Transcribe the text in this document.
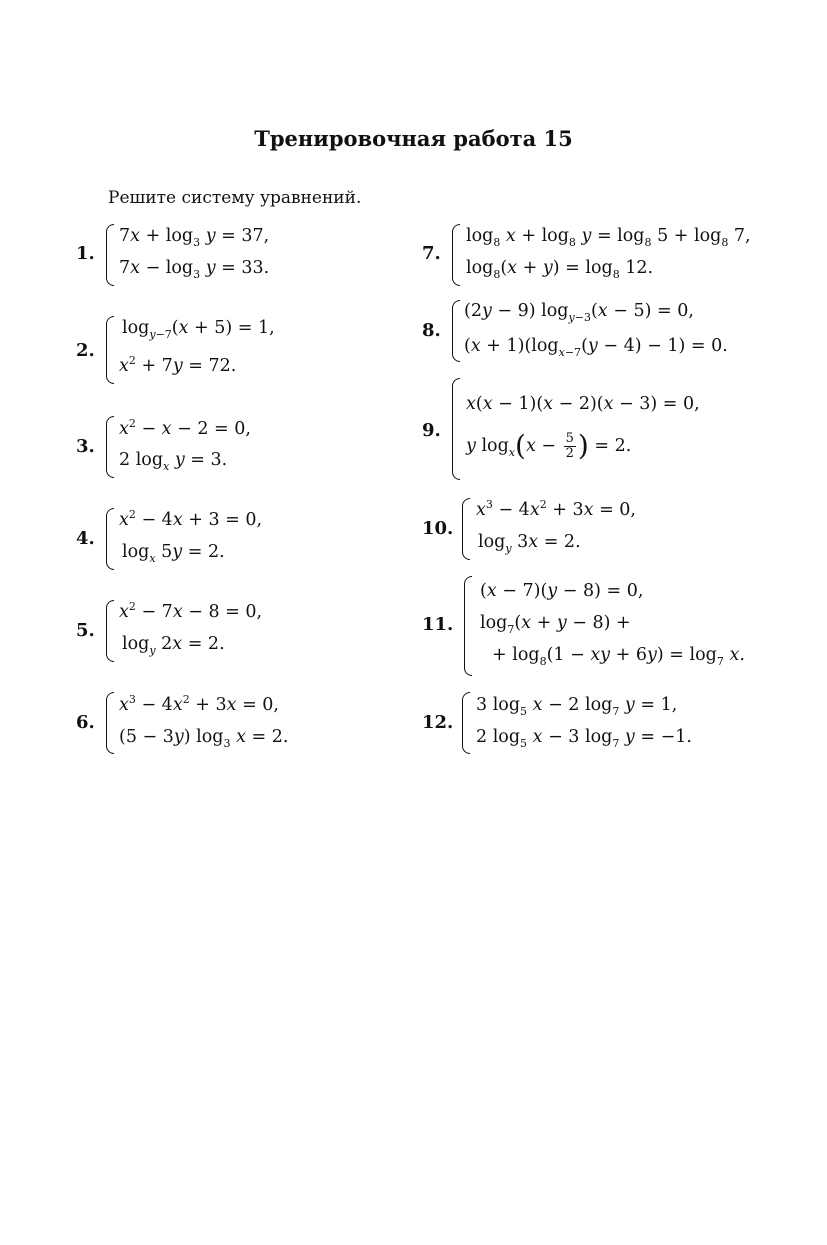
Тренировочная работа 15
Решите систему уравнений.
1.
$7x + \log_3 y = 37$,
$7x - \log_3 y = 33$.
2.
$\log_{y-7}(x + 5) = 1$,
$x^2 + 7y = 72$.
3.
$x^2 - x - 2 = 0$,
2 $\log_x y = 3$.
4.
$x^2 - 4x + 3 = 0$,
$\log_x 5y = 2$.
5.
$x^2 - 7x - 8 = 0$,
$\log_y 2x = 2$.
6.
$x^3 - 4x^2 + 3x = 0$,
(5 − 3y) $\log_3 x = 2$.
7.
$\log_8 x + \log_8 y = \log_8 5 + \log_8 7$,
$\log_8(x + y) = \log_8 12$.
8.
(2y − 9) $\log_{y-3}(x - 5) = 0$,
$(x + 1)(\log_{x-7}(y - 4) - 1) = 0$.
9.
x(x − 1)(x − 2)(x − 3) = 0,
y $\log_x(x - \frac{5}{2}$ ) = 2.
10.
$x^3 - 4x^2 + 3x = 0$,
$\log_y 3x = 2$.
11.
(x − 7)(y − 8) = 0,
$\log_7(x + y - 8)$ +
+ $\log_8(1$ − xy + $6y) = \log_7 x$.
12.
3 $\log_5 x - 2$ $\log_7 y = 1$,
2 $\log_5 x - 3$ $\log_7 y = -1$.
